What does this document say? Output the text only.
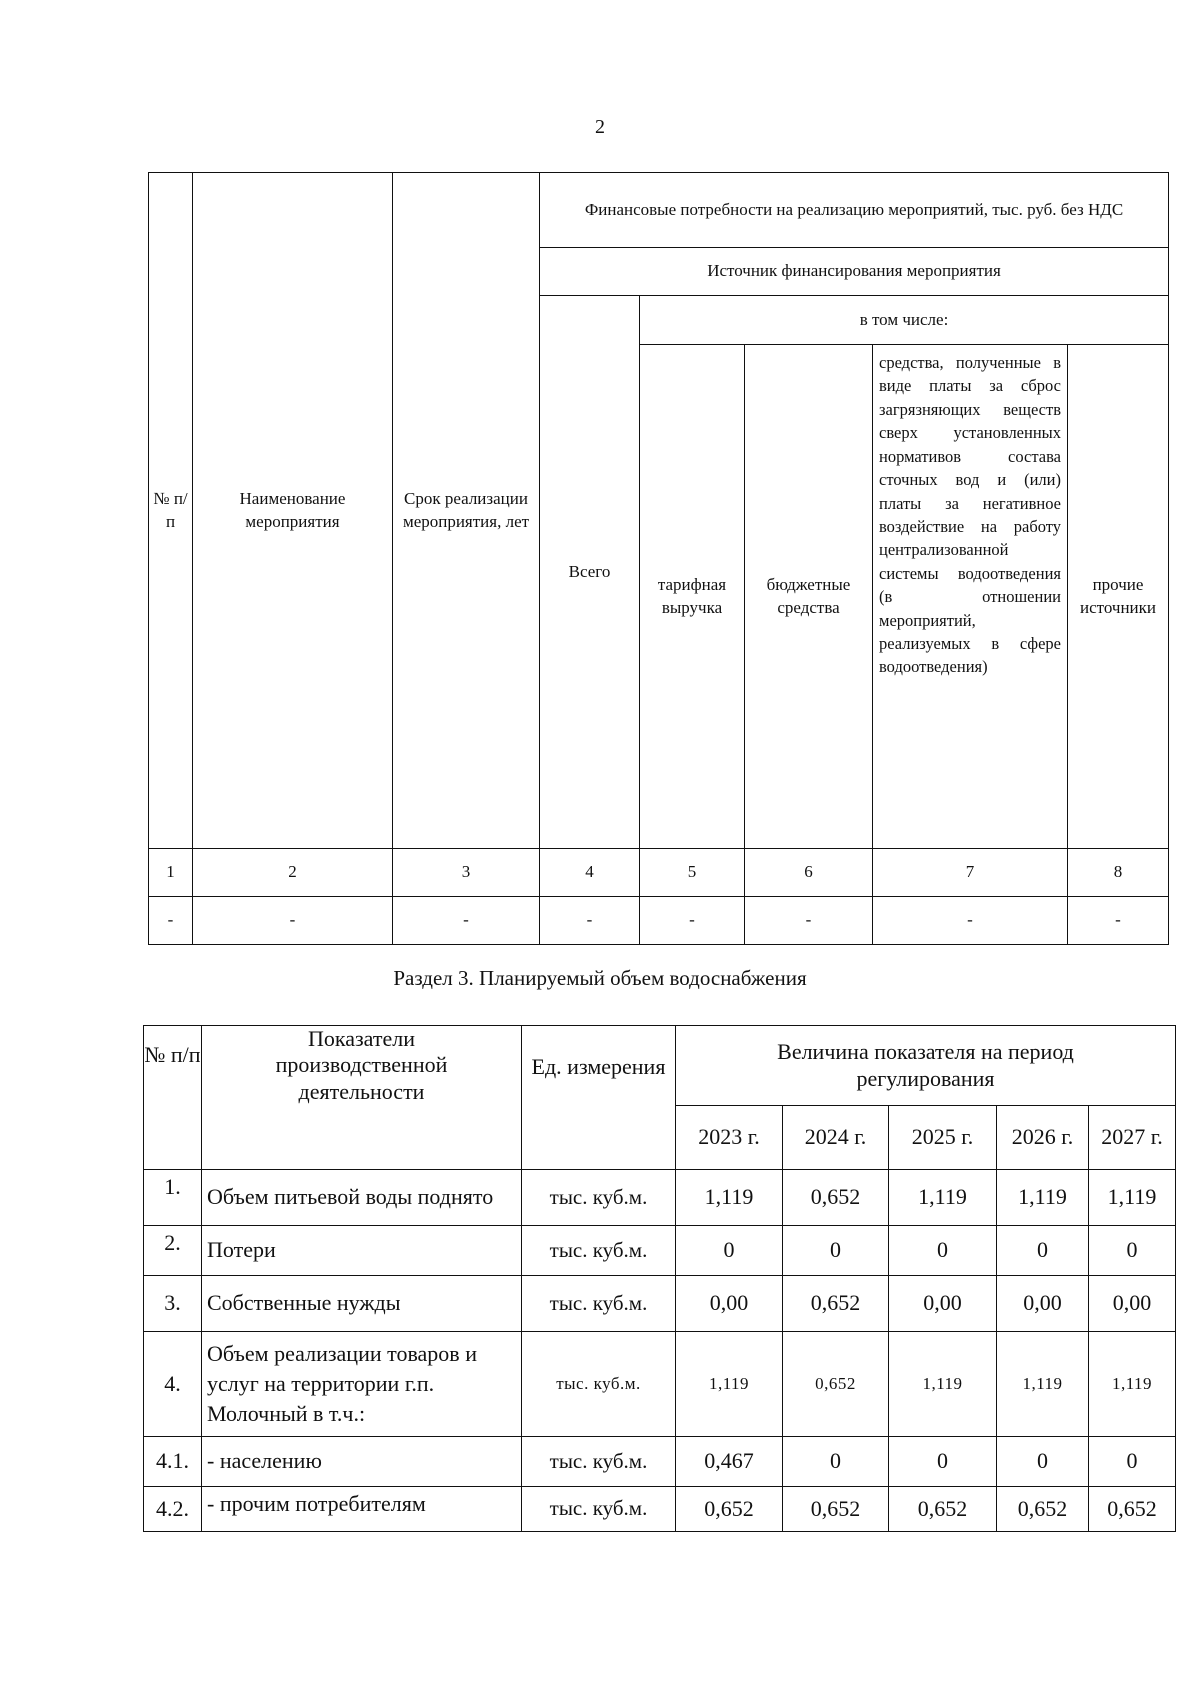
2
№ п/п	Наименование мероприятия	Срок реализации мероприятия, лет	Финансовые потребности на реализацию мероприятий, тыс. руб. без НДС				
			Источник финансирования мероприятия				
			Всего	в том числе:			
				тарифная выручка	бюджетные средства	средства, полученные в виде платы за сброс загрязняющих веществ сверх установленных нормативов состава сточных вод и (или) платы за негативное воздействие на работу централизованной системы водоотведения (в отношении мероприятий, реализуемых в сфере водоотведения)	прочие источники
1	2	3	4	5	6	7	8
-	-	-	-	-	-	-	-
Раздел 3. Планируемый объем водоснабжения
№ п/п	Показатели производственной деятельности	Ед. измерения	Величина показателя на период регулирования				
			2023 г.	2024 г.	2025 г.	2026 г.	2027 г.
1.	Объем питьевой воды поднято	тыс. куб.м.	1,119	0,652	1,119	1,119	1,119
2.	Потери	тыс. куб.м.	0	0	0	0	0
3.	Собственные нужды	тыс. куб.м.	0,00	0,652	0,00	0,00	0,00
4.	Объем реализации товаров и услуг на территории г.п. Молочный в т.ч.:	тыс. куб.м.	1,119	0,652	1,119	1,119	1,119
4.1.	- населению	тыс. куб.м.	0,467	0	0	0	0
4.2.	- прочим потребителям	тыс. куб.м.	0,652	0,652	0,652	0,652	0,652
